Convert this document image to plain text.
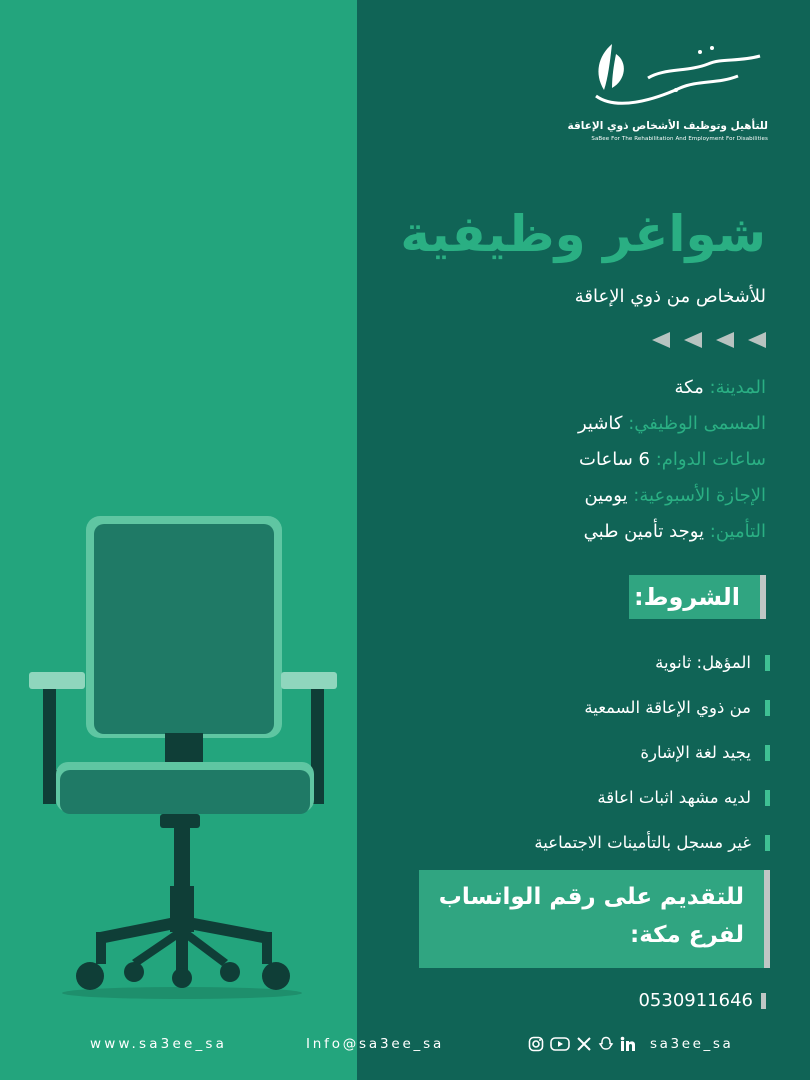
للتأهيل وتوظيف الأشخاص ذوي الإعاقة
SaBee For The Rehabilitation And Employment For Disabilities
شواغر وظيفية
للأشخاص من ذوي الإعاقة
المدينة: مكة
المسمى الوظيفي: كاشير
ساعات الدوام: 6 ساعات
الإجازة الأسبوعية: يومين
التأمين: يوجد تأمين طبي
الشروط:
المؤهل: ثانوية
من ذوي الإعاقة السمعية
يجيد لغة الإشارة
لديه مشهد اثبات اعاقة
غير مسجل بالتأمينات الاجتماعية
للتقديم على رقم الواتساب
لفرع مكة:
0530911646
www.sa3ee_sa	Info@sa3ee_sa	sa3ee_sa
